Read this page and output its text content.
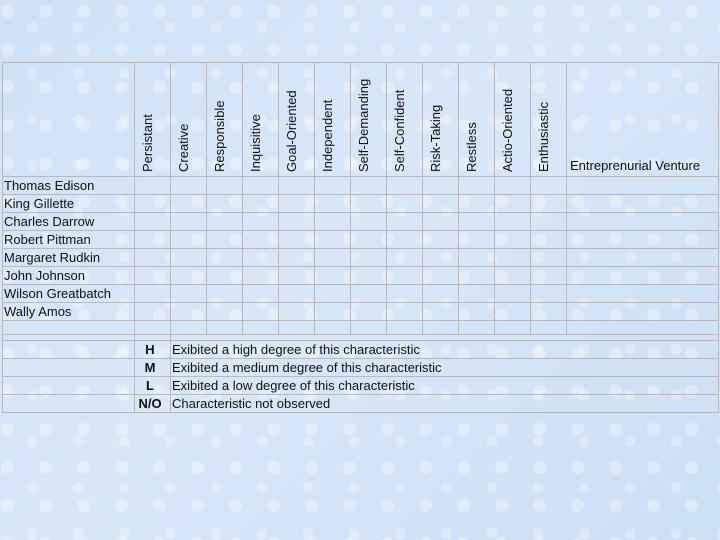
Persistant	Creative	Responsible	Inquisitive	Goal-Oriented	Independent	Self-Demanding	Self-Confident	Risk-Taking	Restless	Actio-Oriented	Enthusiastic	Entreprenurial Venture
Thomas Edison
King Gillette
Charles Darrow
Robert Pittman
Margaret Rudkin
John Johnson
Wilson Greatbatch
Wally Amos
H	Exibited a high degree of this characteristic
M	Exibited a medium degree of this characteristic
L	Exibited a low degree of this characteristic
N/O Characteristic not observed
